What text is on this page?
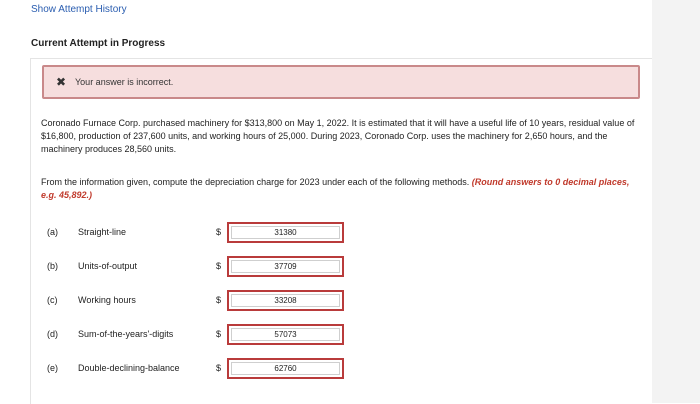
Show Attempt History
Current Attempt in Progress
✖ Your answer is incorrect.
Coronado Furnace Corp. purchased machinery for $313,800 on May 1, 2022. It is estimated that it will have a useful life of 10 years, residual value of $16,800, production of 237,600 units, and working hours of 25,000. During 2023, Coronado Corp. uses the machinery for 2,650 hours, and the machinery produces 28,560 units.
From the information given, compute the depreciation charge for 2023 under each of the following methods. (Round answers to 0 decimal places, e.g. 45,892.)
(a) Straight-line	$
31380
(b) Units-of-output	$
37709
(c) Working hours	$
33208
(d) Sum-of-the-years'-digits	$
57073
(e) Double-declining-balance	$
62760
